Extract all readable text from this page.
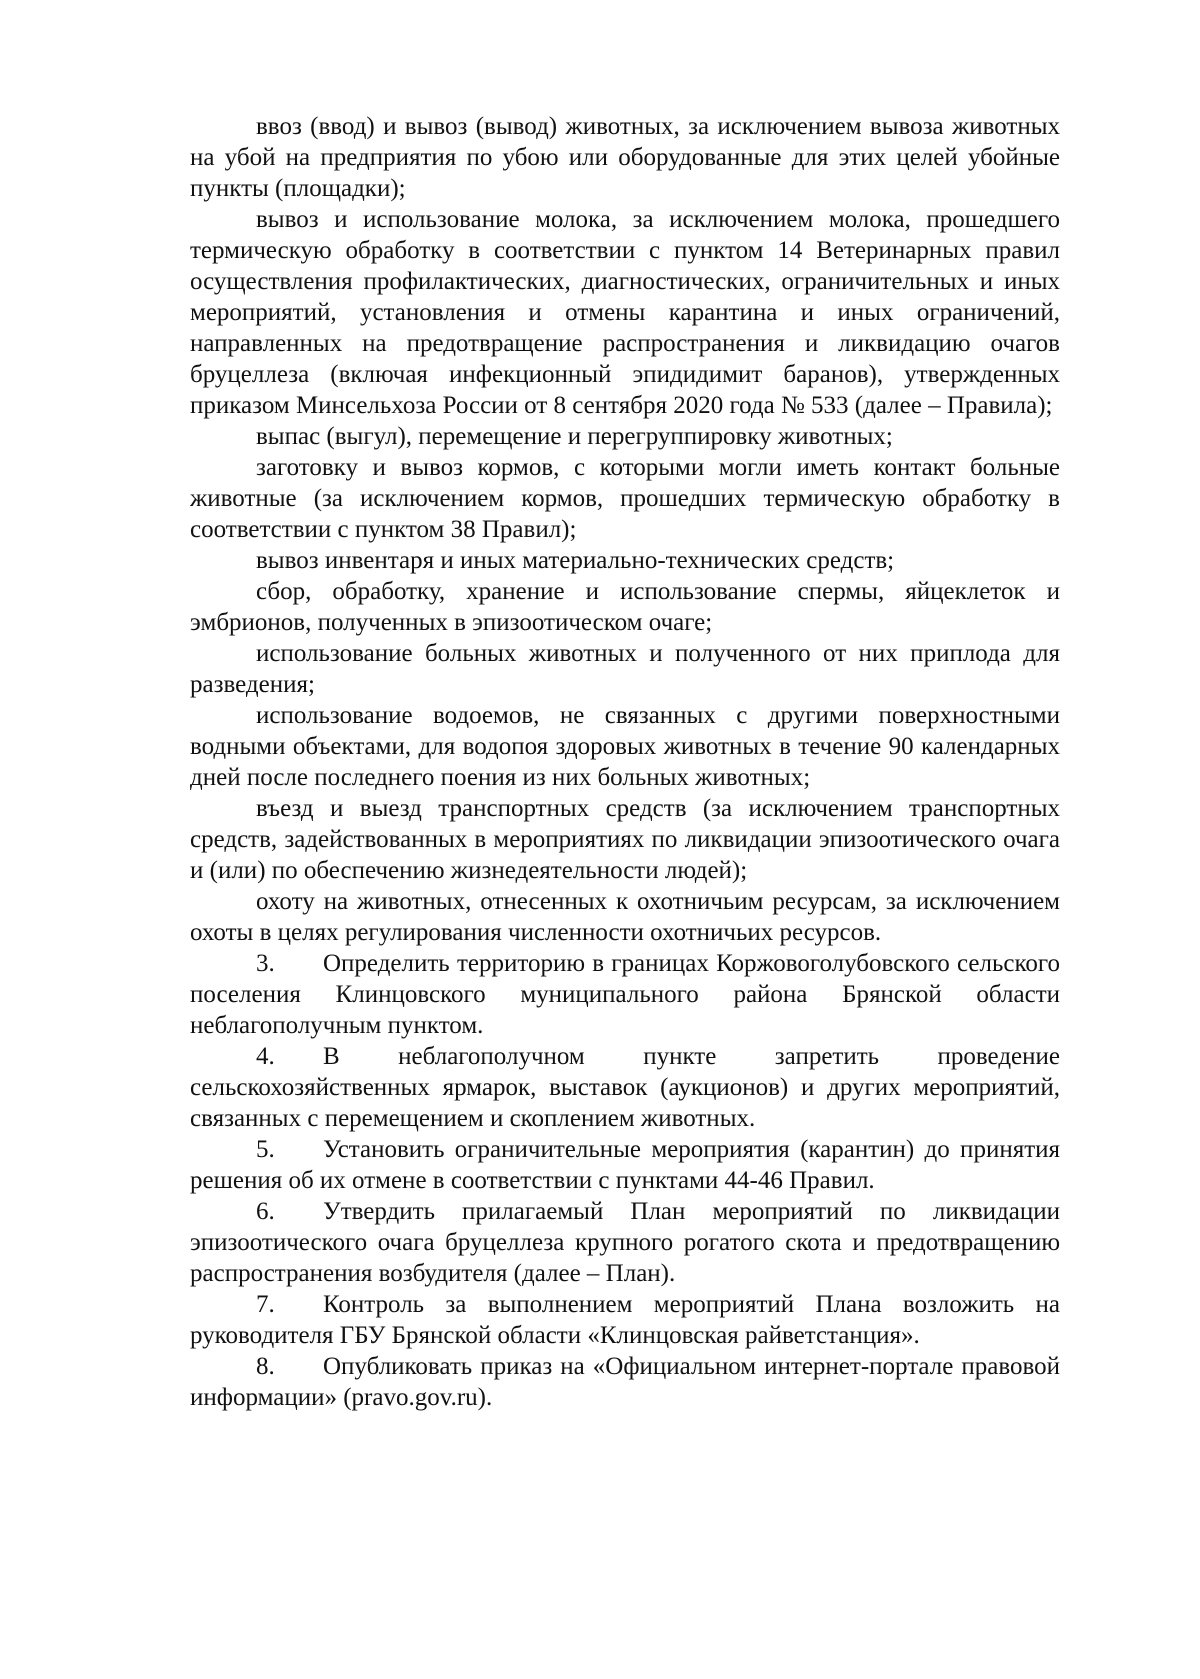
ввоз (ввод) и вывоз (вывод) животных, за исключением вывоза животных на убой на предприятия по убою или оборудованные для этих целей убойные пункты (площадки);

вывоз и использование молока, за исключением молока, прошедшего термическую обработку в соответствии с пунктом 14 Ветеринарных правил осуществления профилактических, диагностических, ограничительных и иных мероприятий, установления и отмены карантина и иных ограничений, направленных на предотвращение распространения и ликвидацию очагов бруцеллеза (включая инфекционный эпидидимит баранов), утвержденных приказом Минсельхоза России от 8 сентября 2020 года № 533 (далее – Правила);

выпас (выгул), перемещение и перегруппировку животных;

заготовку и вывоз кормов, с которыми могли иметь контакт больные животные (за исключением кормов, прошедших термическую обработку в соответствии с пунктом 38 Правил);

вывоз инвентаря и иных материально-технических средств;

сбор, обработку, хранение и использование спермы, яйцеклеток и эмбрионов, полученных в эпизоотическом очаге;

использование больных животных и полученного от них приплода для разведения;

использование водоемов, не связанных с другими поверхностными водными объектами, для водопоя здоровых животных в течение 90 календарных дней после последнего поения из них больных животных;

въезд и выезд транспортных средств (за исключением транспортных средств, задействованных в мероприятиях по ликвидации эпизоотического очага и (или) по обеспечению жизнедеятельности людей);

охоту на животных, отнесенных к охотничьим ресурсам, за исключением охоты в целях регулирования численности охотничьих ресурсов.

3. Определить территорию в границах Коржовоголубовского сельского поселения Клинцовского муниципального района Брянской области неблагополучным пунктом.

4. В неблагополучном пункте запретить проведение сельскохозяйственных ярмарок, выставок (аукционов) и других мероприятий, связанных с перемещением и скоплением животных.

5. Установить ограничительные мероприятия (карантин) до принятия решения об их отмене в соответствии с пунктами 44-46 Правил.

6. Утвердить прилагаемый План мероприятий по ликвидации эпизоотического очага бруцеллеза крупного рогатого скота и предотвращению распространения возбудителя (далее – План).

7. Контроль за выполнением мероприятий Плана возложить на руководителя ГБУ Брянской области «Клинцовская райветстанция».

8. Опубликовать приказ на «Официальном интернет-портале правовой информации» (pravo.gov.ru).
